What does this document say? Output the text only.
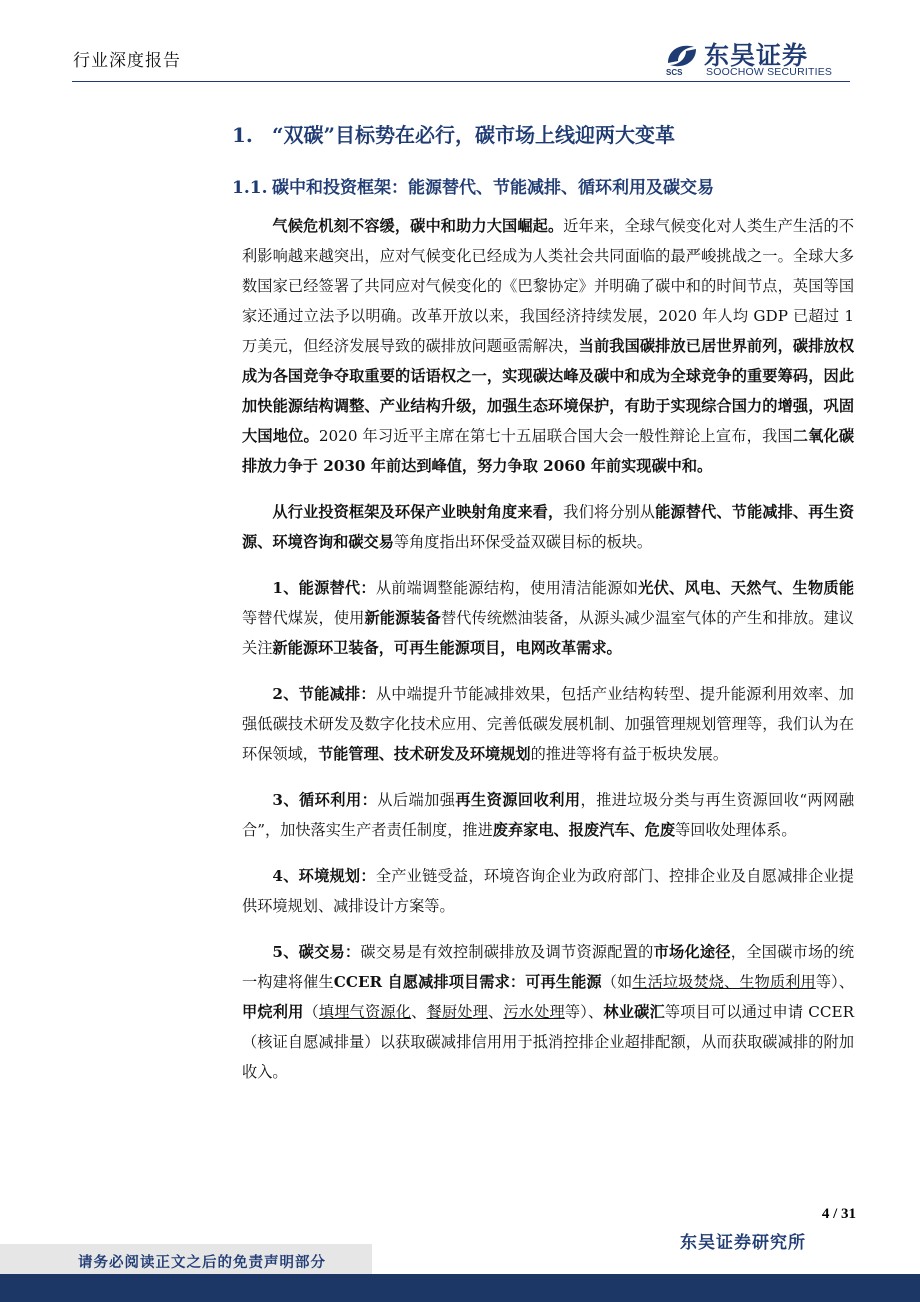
行业深度报告
SCS
东吴证券
SOOCHOW SECURITIES
1. “双碳”目标势在必行，碳市场上线迎两大变革
1.1. 碳中和投资框架：能源替代、节能减排、循环利用及碳交易

气候危机刻不容缓，碳中和助力大国崛起。近年来，全球气候变化对人类生产生活的不利影响越来越突出，应对气候变化已经成为人类社会共同面临的最严峻挑战之一。全球大多数国家已经签署了共同应对气候变化的《巴黎协定》并明确了碳中和的时间节点，英国等国家还通过立法予以明确。改革开放以来，我国经济持续发展，2020 年人均 GDP 已超过 1 万美元，但经济发展导致的碳排放问题亟需解决，当前我国碳排放已居世界前列，碳排放权成为各国竞争夺取重要的话语权之一，实现碳达峰及碳中和成为全球竞争的重要筹码，因此加快能源结构调整、产业结构升级，加强生态环境保护，有助于实现综合国力的增强，巩固大国地位。2020 年习近平主席在第七十五届联合国大会一般性辩论上宣布，我国二氧化碳排放力争于 2030 年前达到峰值，努力争取 2060 年前实现碳中和。

从行业投资框架及环保产业映射角度来看，我们将分别从能源替代、节能减排、再生资源、环境咨询和碳交易等角度指出环保受益双碳目标的板块。

1、能源替代：从前端调整能源结构，使用清洁能源如光伏、风电、天然气、生物质能等替代煤炭，使用新能源装备替代传统燃油装备，从源头减少温室气体的产生和排放。建议关注新能源环卫装备，可再生能源项目，电网改革需求。

2、节能减排：从中端提升节能减排效果，包括产业结构转型、提升能源利用效率、加强低碳技术研发及数字化技术应用、完善低碳发展机制、加强管理规划管理等，我们认为在环保领域，节能管理、技术研发及环境规划的推进等将有益于板块发展。

3、循环利用：从后端加强再生资源回收利用，推进垃圾分类与再生资源回收“两网融合”，加快落实生产者责任制度，推进废弃家电、报废汽车、危废等回收处理体系。

4、环境规划：全产业链受益，环境咨询企业为政府部门、控排企业及自愿减排企业提供环境规划、减排设计方案等。

5、碳交易：碳交易是有效控制碳排放及调节资源配置的市场化途径，全国碳市场的统一构建将催生CCER 自愿减排项目需求：可再生能源（如生活垃圾焚烧、生物质利用等）、甲烷利用（填埋气资源化、餐厨处理、污水处理等）、林业碳汇等项目可以通过申请 CCER（核证自愿减排量）以获取碳减排信用用于抵消控排企业超排配额，从而获取碳减排的附加收入。

4 / 31
东吴证券研究所
请务必阅读正文之后的免责声明部分
